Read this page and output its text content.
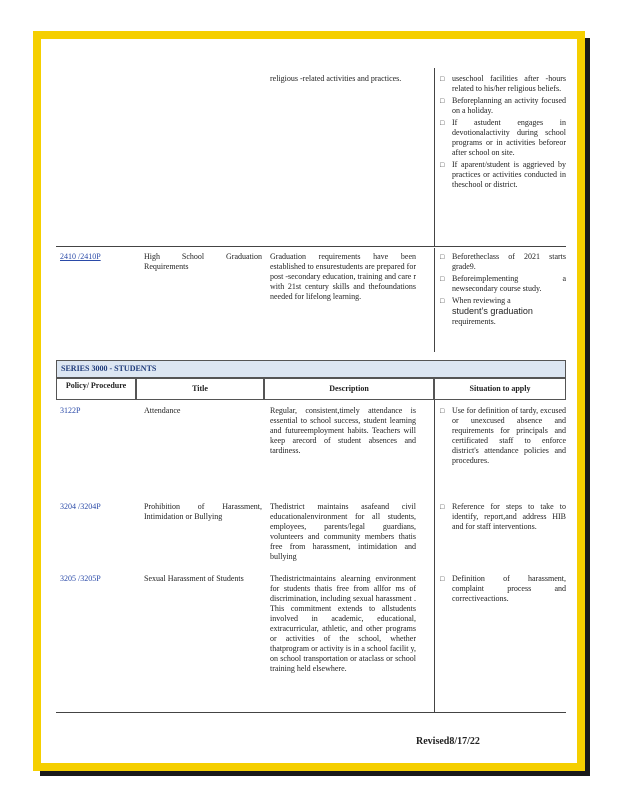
religious -related activities and practices.
□	useschool facilities after -hours related to his/her religious beliefs.
□ Beforeplanning an activity focused on a holiday.
□ If astudent engages in devotionalactivity during school programs or in activities beforeor after school on site.
□ If aparent/student is aggrieved by practices or activities conducted in theschool or district.
2410 /2410P	High School Graduation Requirements
Graduation requirements have been established to ensurestudents are prepared for post -secondary education, training and care r with 21st century skills and thefoundations needed for lifelong learning.
□ Beforetheclass of 2021 starts grade9.
□ Beforeimplementing a newsecondary course study.
□ When reviewing a
student’s graduation
requirements.
SERIES 3000 - STUDENTS
Policy/ Procedure	Title	Description	Situation to apply
3122P	Attendance	Regular, consistent,timely attendance is essential to school success, student learning and futureemployment habits. Teachers will keep arecord of student absences and tardiness.
□ Use for definition of tardy, excused or unexcused absence and requirements for principals and certificated staff to enforce district's attendance policies and procedures.
3204 /3204P	Prohibition of Harassment, Intimidation or Bullying
Thedistrict maintains asafeand civil educationalenvironment for all students, employees, parents/legal guardians, volunteers and community members thatis free from harassment, intimidation and bullying
□ Reference for steps to take to identify, report,and address HIB and for staff interventions.
3205 /3205P	Sexual Harassment of Students	Thedistrictmaintains alearning environment for students thatis free from allfor ms of discrimination, including sexual harassment . This commitment extends to allstudents involved in academic, educational, extracurricular, athletic, and other programs or activities of the school, whether thatprogram or activity is in a school facilit y, on school transportation or ataclass or school training held elsewhere.
□ Definition of harassment, complaint process and correctiveactions.
Revised8/17/22
